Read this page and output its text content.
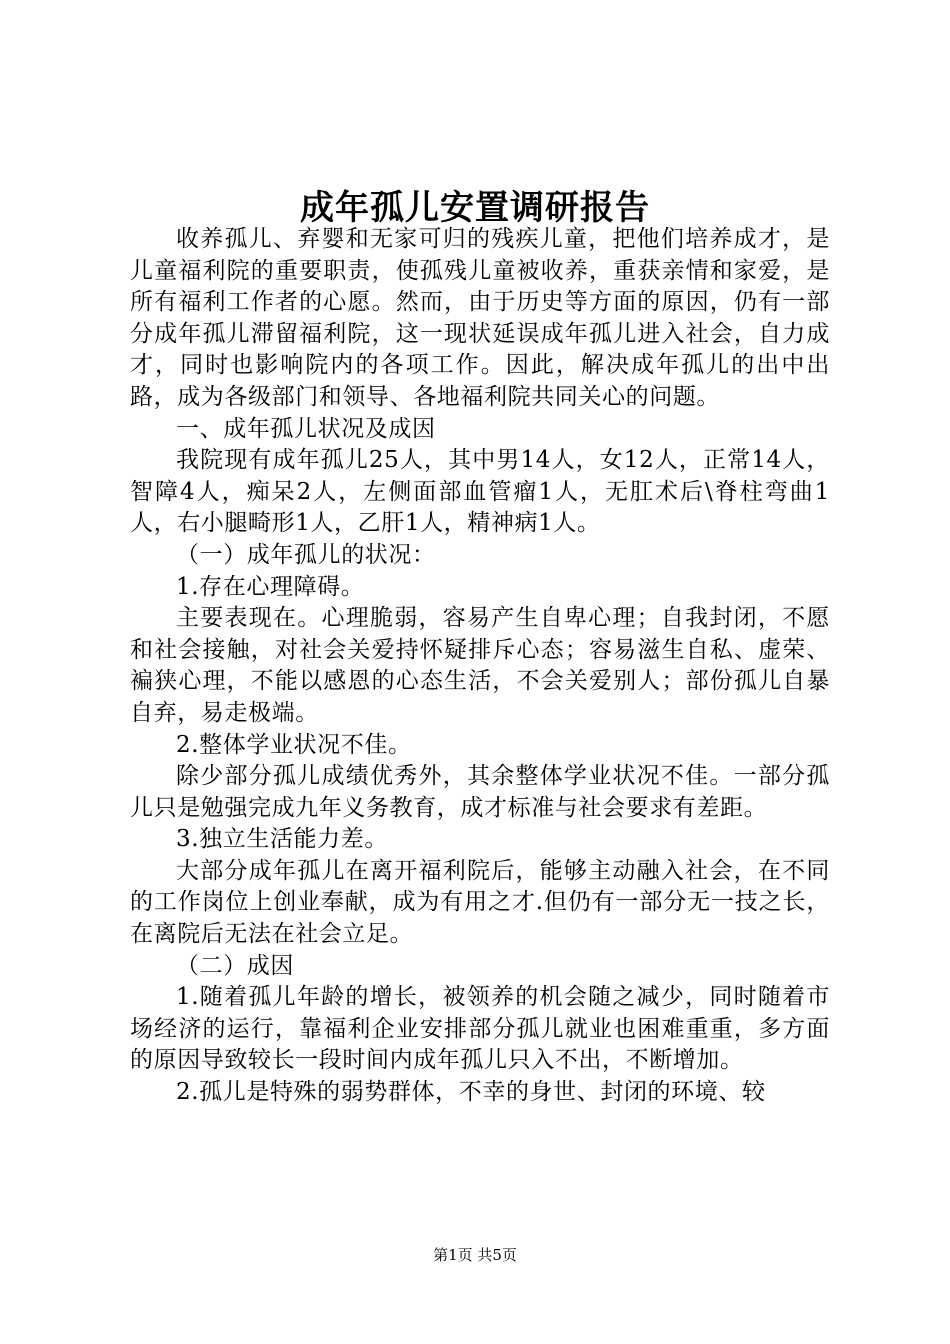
成年孤儿安置调研报告

收养孤儿、弃婴和无家可归的残疾儿童，把他们培养成才，是儿童福利院的重要职责，使孤残儿童被收养，重获亲情和家爱，是所有福利工作者的心愿。然而，由于历史等方面的原因，仍有一部分成年孤儿滞留福利院，这一现状延误成年孤儿进入社会，自力成才，同时也影响院内的各项工作。因此，解决成年孤儿的出中出路，成为各级部门和领导、各地福利院共同关心的问题。

一、成年孤儿状况及成因

我院现有成年孤儿25人，其中男14人，女12人，正常14人，智障4人，痴呆2人，左侧面部血管瘤1人，无肛术后\脊柱弯曲1人，右小腿畸形1人，乙肝1人，精神病1人。

（一）成年孤儿的状况：

1.存在心理障碍。

主要表现在。心理脆弱，容易产生自卑心理；自我封闭，不愿和社会接触，对社会关爱持怀疑排斥心态；容易滋生自私、虚荣、褊狭心理，不能以感恩的心态生活，不会关爱别人；部份孤儿自暴自弃，易走极端。

2.整体学业状况不佳。

除少部分孤儿成绩优秀外，其余整体学业状况不佳。一部分孤儿只是勉强完成九年义务教育，成才标准与社会要求有差距。

3.独立生活能力差。

大部分成年孤儿在离开福利院后，能够主动融入社会，在不同的工作岗位上创业奉献，成为有用之才.但仍有一部分无一技之长，在离院后无法在社会立足。

（二）成因

1.随着孤儿年龄的增长，被领养的机会随之减少，同时随着市场经济的运行，靠福利企业安排部分孤儿就业也困难重重，多方面的原因导致较长一段时间内成年孤儿只入不出，不断增加。

2.孤儿是特殊的弱势群体，不幸的身世、封闭的环境、较

第1页 共5页
